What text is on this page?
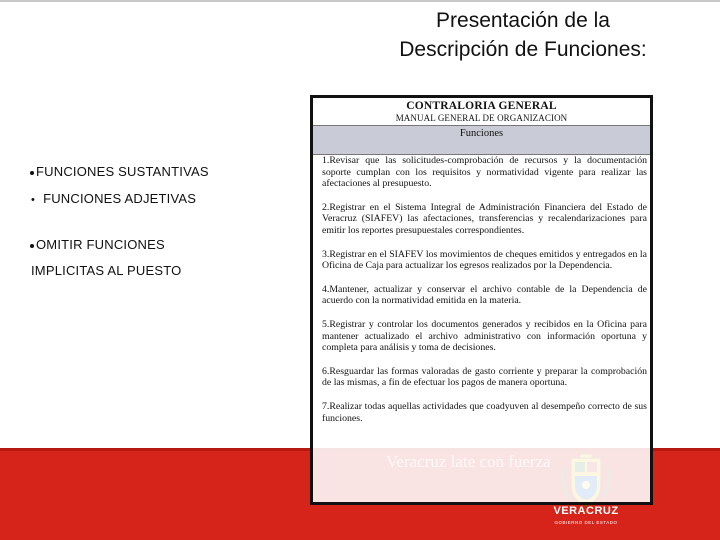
Presentación de la
Descripción de Funciones:
FUNCIONES SUSTANTIVAS
• FUNCIONES ADJETIVAS
OMITIR FUNCIONES
IMPLICITAS AL PUESTO
VERACRUZ
GOBIERNO DEL ESTADO
CONTRALORIA GENERAL
MANUAL GENERAL DE ORGANIZACION
Funciones
1.Revisar que las solicitudes-comprobación de recursos y la documentación soporte cumplan con los requisitos y normatividad vigente para realizar las afectaciones al presupuesto.
2.Registrar en el Sistema Integral de Administración Financiera del Estado de Veracruz (SIAFEV) las afectaciones, transferencias y recalendarizaciones para emitir los reportes presupuestales correspondientes.
3.Registrar en el SIAFEV los movimientos de cheques emitidos y entregados en la Oficina de Caja para actualizar los egresos realizados por la Dependencia.
4.Mantener, actualizar y conservar el archivo contable de la Dependencia de acuerdo con la normatividad emitida en la materia.
5.Registrar y controlar los documentos generados y recibidos en la Oficina para mantener actualizado el archivo administrativo con información oportuna y completa para análisis y toma de decisiones.
6.Resguardar las formas valoradas de gasto corriente y preparar la comprobación de las mismas, a fin de efectuar los pagos de manera oportuna.
7.Realizar todas aquellas actividades que coadyuven al desempeño correcto de sus funciones.
